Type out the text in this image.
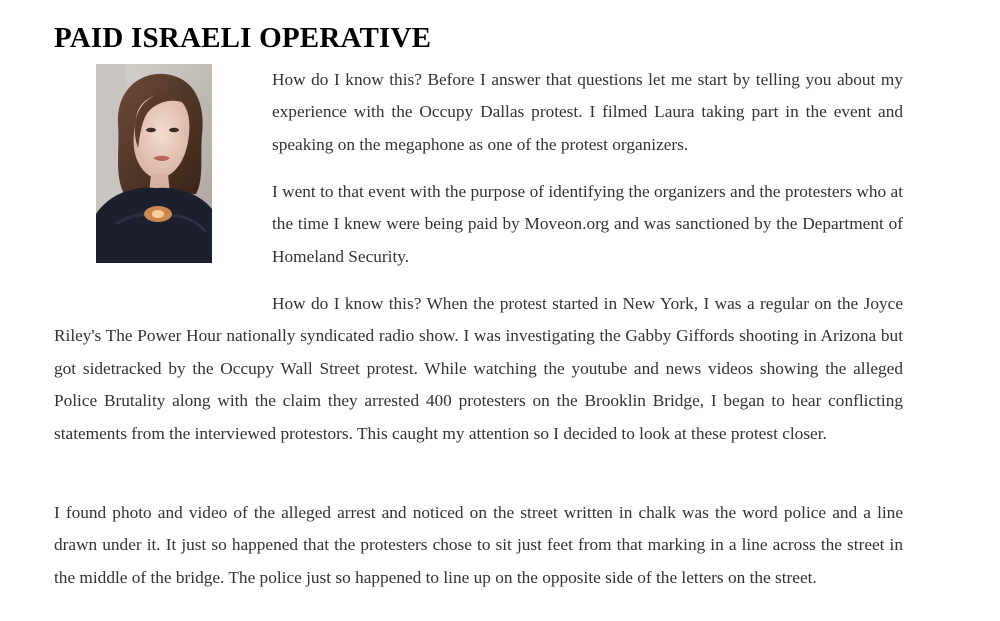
PAID ISRAELI OPERATIVE

How do I know this? Before I answer that questions let me start by telling you about my experience with the Occupy Dallas protest. I filmed Laura taking part in the event and speaking on the megaphone as one of the protest organizers.

I went to that event with the purpose of identifying the organizers and the protesters who at the time I knew were being paid by Moveon.org and was sanctioned by the Department of Homeland Security.

How do I know this? When the protest started in New York, I was a regular on the Joyce Riley's The Power Hour nationally syndicated radio show. I was investigating the Gabby Giffords shooting in Arizona but got sidetracked by the Occupy Wall Street protest. While watching the youtube and news videos showing the alleged Police Brutality along with the claim they arrested 400 protesters on the Brooklin Bridge, I began to hear conflicting statements from the interviewed protestors. This caught my attention so I decided to look at these protest closer.

I found photo and video of the alleged arrest and noticed on the street written in chalk was the word police and a line drawn under it. It just so happened that the protesters chose to sit just feet from that marking in a line across the street in the middle of the bridge. The police just so happened to line up on the opposite side of the letters on the street.
